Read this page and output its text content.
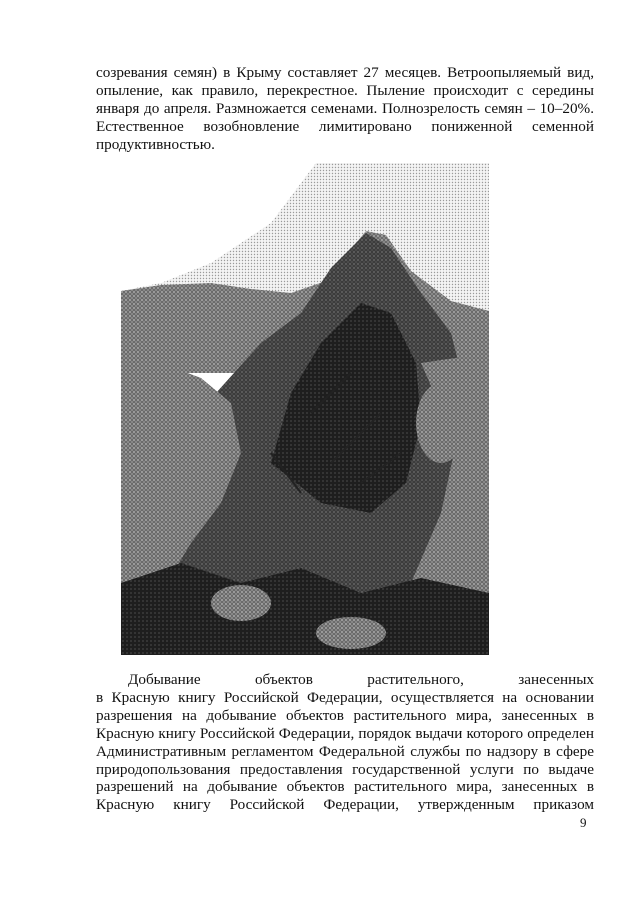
созревания семян) в Крыму составляет 27 месяцев. Ветроопыляемый вид,
опыление, как правило, перекрестное. Пыление происходит с середины
января до апреля. Размножается семенами. Полнозрелость семян – 10–20%.
Естественное возобновление лимитировано пониженной семенной
продуктивностью.
Добывание объектов растительного, занесенных
в Красную книгу Российской Федерации, осуществляется на основании
разрешения на добывание объектов растительного мира, занесенных в
Красную книгу Российской Федерации, порядок выдачи которого определен
Административным регламентом Федеральной службы по надзору в сфере
природопользования предоставления государственной услуги по выдаче
разрешений на добывание объектов растительного мира, занесенных в
Красную книгу Российской Федерации, утвержденным приказом
9
